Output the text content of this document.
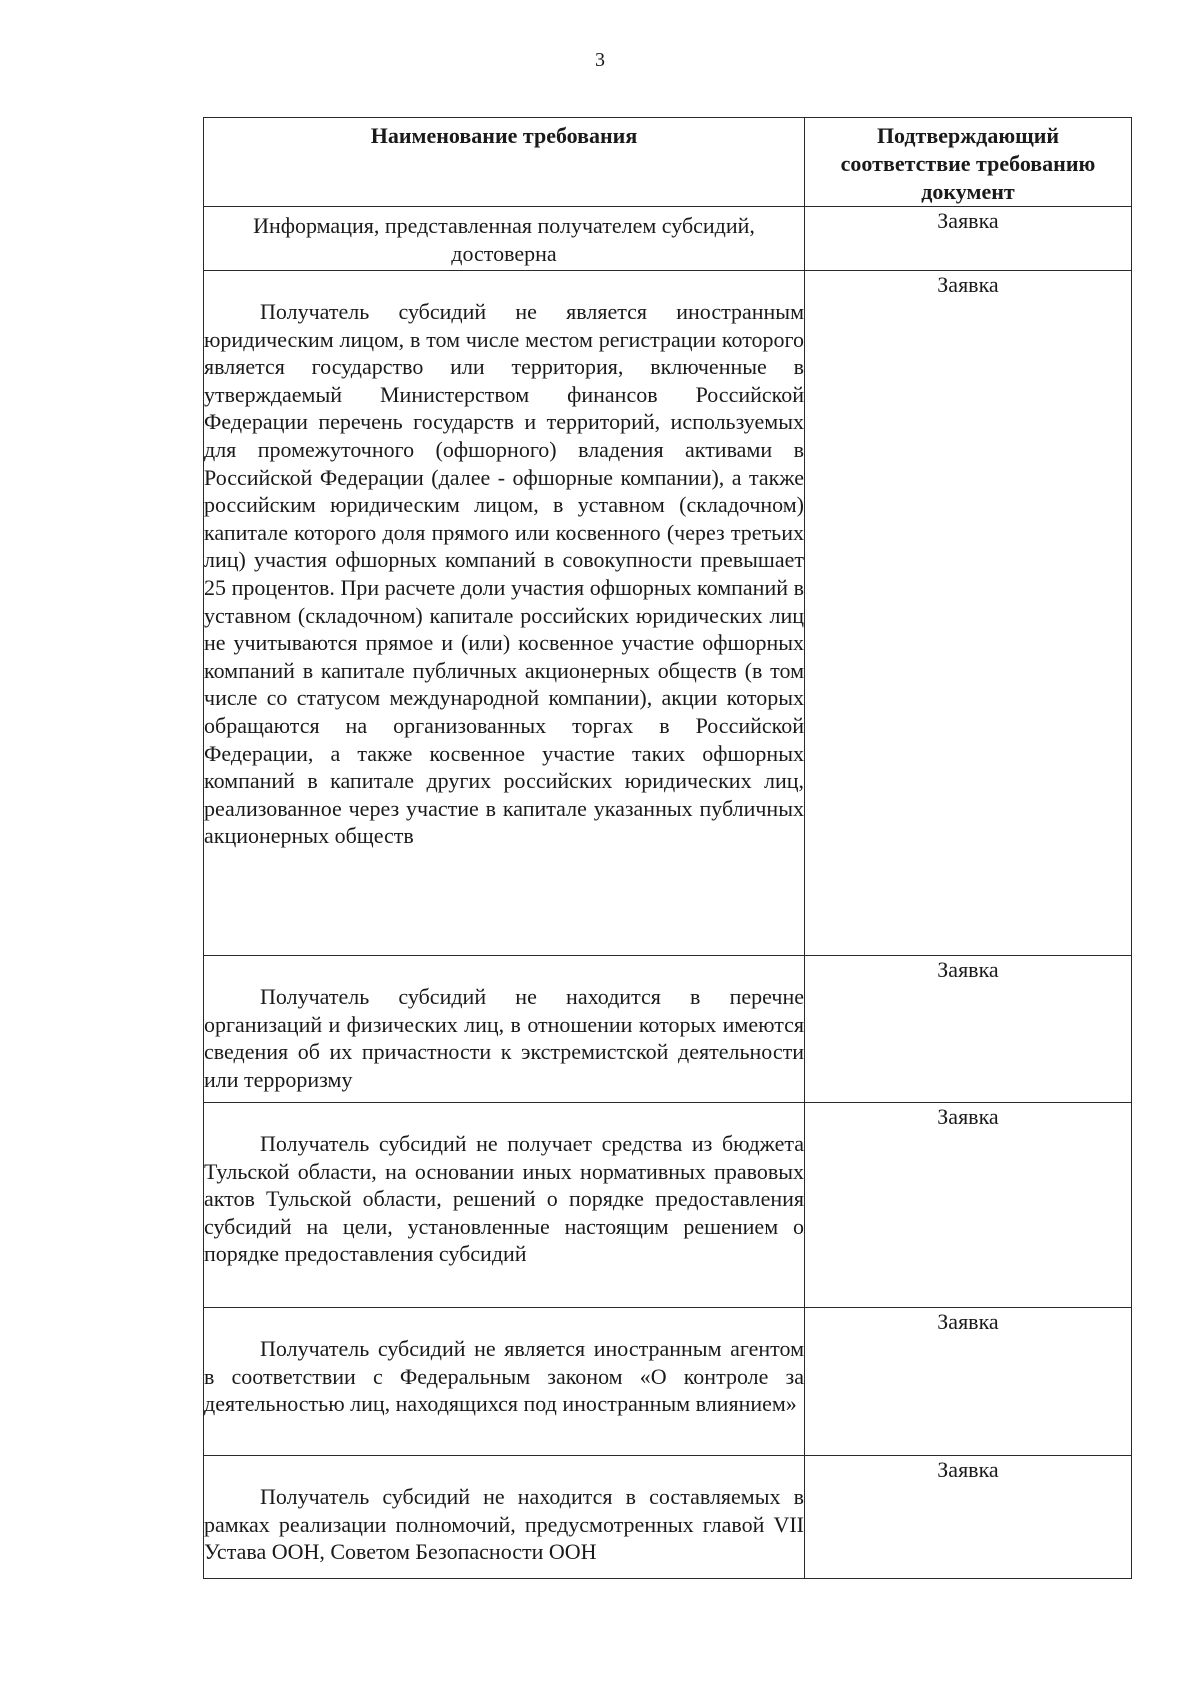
3
Наименование требования	Подтверждающий соответствие требованию документ
Информация, представленная получателем субсидий, достоверна	Заявка

Получатель субсидий не является иностранным юридическим лицом, в том числе местом регистрации которого является государство или территория, включенные в утверждаемый Министерством финансов Российской Федерации перечень государств и территорий, используемых для промежуточного (офшорного) владения активами в Российской Федерации (далее - офшорные компании), а также российским юридическим лицом, в уставном (складочном) капитале которого доля прямого или косвенного (через третьих лиц) участия офшорных компаний в совокупности превышает 25 процентов. При расчете доли участия офшорных компаний в уставном (складочном) капитале российских юридических лиц не учитываются прямое и (или) косвенное участие офшорных компаний в капитале публичных акционерных обществ (в том числе со статусом международной компании), акции которых обращаются на организованных торгах в Российской Федерации, а также косвенное участие таких офшорных компаний в капитале других российских юридических лиц, реализованное через участие в капитале указанных публичных акционерных обществ	Заявка

Получатель субсидий не находится в перечне организаций и физических лиц, в отношении которых имеются сведения об их причастности к экстремистской деятельности или терроризму	Заявка

Получатель субсидий не получает средства из бюджета Тульской области, на основании иных нормативных правовых актов Тульской области, решений о порядке предоставления субсидий на цели, установленные настоящим решением о порядке предоставления субсидий	Заявка

Получатель субсидий не является иностранным агентом в соответствии с Федеральным законом «О контроле за деятельностью лиц, находящихся под иностранным влиянием»	Заявка

Получатель субсидий не находится в составляемых в рамках реализации полномочий, предусмотренных главой VII Устава ООН, Советом Безопасности ООН	Заявка
